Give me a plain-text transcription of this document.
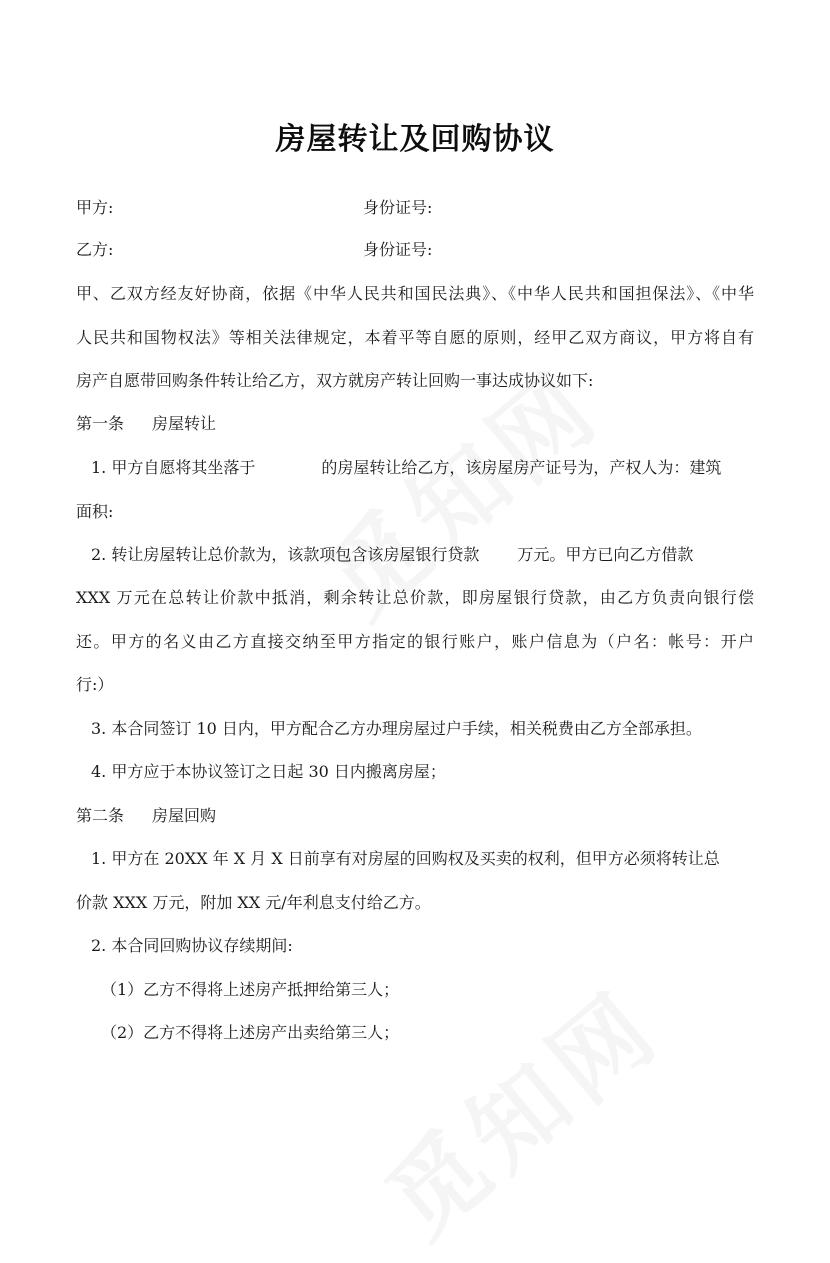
房屋转让及回购协议
甲方:	身份证号:
乙方:	身份证号:
甲、乙双方经友好协商，依据《中华人民共和国民法典》、《中华人民共和国担保法》、《中华
人民共和国物权法》等相关法律规定，本着平等自愿的原则，经甲乙双方商议，甲方将自有
房产自愿带回购条件转让给乙方，双方就房产转让回购一事达成协议如下:
第一条 房屋转让
1. 甲方自愿将其坐落于	的房屋转让给乙方，该房屋房产证号为，产权人为：建筑
面积:
2. 转让房屋转让总价款为，该款项包含该房屋银行贷款 万元。甲方已向乙方借款
XXX 万元在总转让价款中抵消，剩余转让总价款，即房屋银行贷款，由乙方负责向银行偿
还。甲方的名义由乙方直接交纳至甲方指定的银行账户，账户信息为（户名：帐号：开户
行:）
3. 本合同签订 10 日内，甲方配合乙方办理房屋过户手续，相关税费由乙方全部承担。
4. 甲方应于本协议签订之日起 30 日内搬离房屋；
第二条 房屋回购
1. 甲方在 20XX 年 X 月 X 日前享有对房屋的回购权及买卖的权利，但甲方必须将转让总
价款 XXX 万元，附加 XX 元/年利息支付给乙方。
2. 本合同回购协议存续期间:
（1）乙方不得将上述房产抵押给第三人；
（2）乙方不得将上述房产出卖给第三人；
